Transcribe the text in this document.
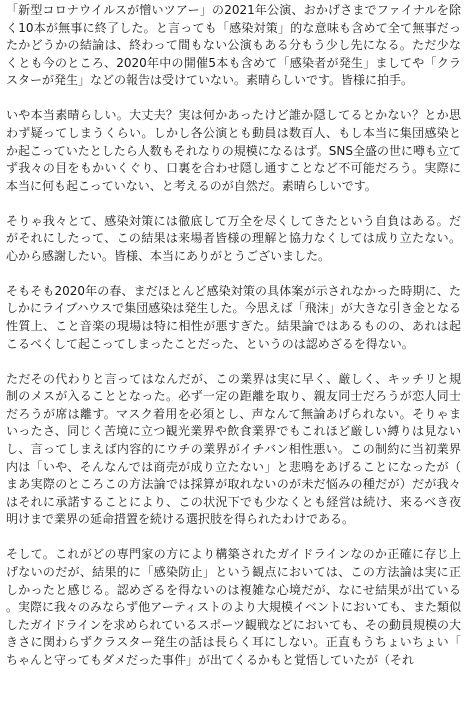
「新型コロナウイルスが憎いツアー」の2021年公演、おかげさまでファイナルを除く10本が無事に終了した。と言っても「感染対策」的な意味も含めて全て無事だったかどうかの結論は、終わって間もない公演もある分もう少し先になる。ただ少なくとも今のところ、2020年中の開催5本も含めて「感染者が発生」ましてや「クラスターが発生」などの報告は受けていない。素晴らしいです。皆様に拍手。

いや本当素晴らしい。大丈夫？実は何かあったけど誰か隠してるとかない？とか思わず疑ってしまうくらい。しかし各公演とも動員は数百人、もし本当に集団感染とか起こっていたとしたら人数もそれなりの規模になるはず。SNS全盛の世に噂も立てず我々の目をもかいくぐり、口裏を合わせ隠し通すことなど不可能だろう。実際に本当に何も起こっていない、と考えるのが自然だ。素晴らしいです。

そりゃ我々とて、感染対策には徹底して万全を尽くしてきたという自負はある。だがそれにしたって、この結果は来場者皆様の理解と協力なくしては成り立たない。心から感謝したい。皆様、本当にありがとうございました。

そもそも2020年の春、まだほとんど感染対策の具体案が示されなかった時期に、たしかにライブハウスで集団感染は発生した。今思えば「飛沫」が大きな引き金となる性質上、こと音楽の現場は特に相性が悪すぎた。結果論ではあるものの、あれは起こるべくして起こってしまったことだった、というのは認めざるを得ない。

ただその代わりと言ってはなんだが、この業界は実に早く、厳しく、キッチリと規制のメスが入ることとなった。必ず一定の距離を取り、親友同士だろうが恋人同士だろうが席は離す。マスク着用を必須とし、声なんて無論あげられない。そりゃまいったさ、同じく苦境に立つ観光業界や飲食業界でもこれほど厳しい縛りは見ないし、言ってしまえば内容的にウチの業界がイチバン相性悪い。この制約に当初業界内は「いや、そんなんでは商売が成り立たない」と悲鳴をあげることになったが（まあ実際のところこの方法論では採算が取れないのが未だ悩みの種だが）だが我々はそれに承諾することにより、この状況下でも少なくとも経営は続け、来るべき夜明けまで業界の延命措置を続ける選択肢を得られたわけである。

そして。これがどの専門家の方により構築されたガイドラインなのか正確に存じ上げないのだが、結果的に「感染防止」という観点においては、この方法論は実に正しかったと感じる。認めざるを得ないのは複雑な心境だが、なにせ結果が出ている。実際に我々のみならず他アーティストのより大規模イベントにおいても、また類似したガイドラインを求められているスポーツ観戦などにおいても、その動員規模の大きさに関わらずクラスター発生の話は長らく耳にしない。正直もうちょいちょい「ちゃんと守ってもダメだった事件」が出てくるかもと覚悟していたが（それ
